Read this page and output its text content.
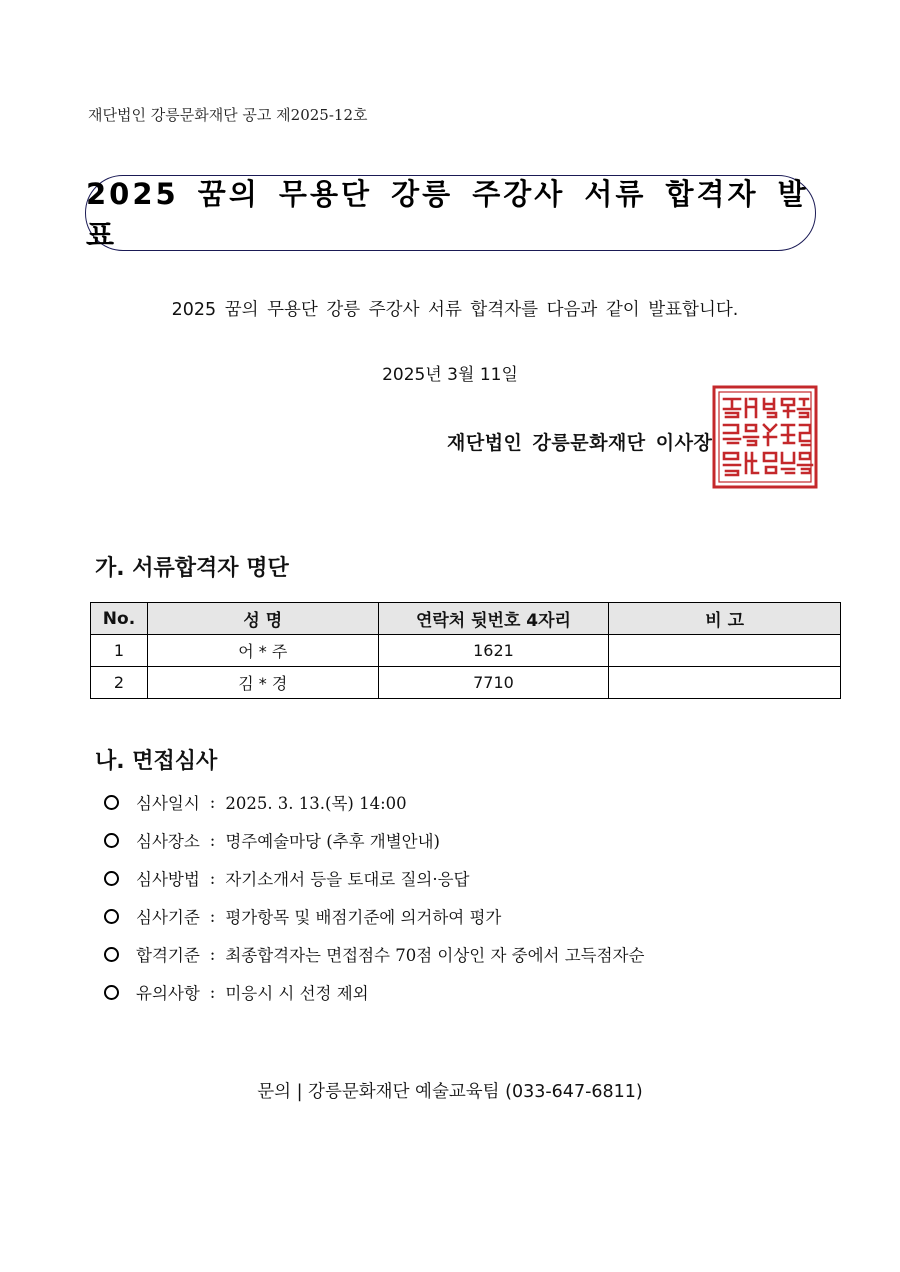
재단법인 강릉문화재단 공고 제2025-12호
2025 꿈의 무용단 강릉 주강사 서류 합격자 발표
2025 꿈의 무용단 강릉 주강사 서류 합격자를 다음과 같이 발표합니다.
2025년 3월 11일
재단법인 강릉문화재단 이사장
가. 서류합격자 명단
No.	성 명	연락처 뒷번호 4자리	비 고
1	어 * 주	1621	
2	김 * 경	7710	
나. 면접심사
심사일시 : 2025. 3. 13.(목) 14:00
심사장소 : 명주예술마당 (추후 개별안내)
심사방법 : 자기소개서 등을 토대로 질의·응답
심사기준 : 평가항목 및 배점기준에 의거하여 평가
합격기준 : 최종합격자는 면접점수 70점 이상인 자 중에서 고득점자순
유의사항 : 미응시 시 선정 제외
문의 | 강릉문화재단 예술교육팀 (033-647-6811)
